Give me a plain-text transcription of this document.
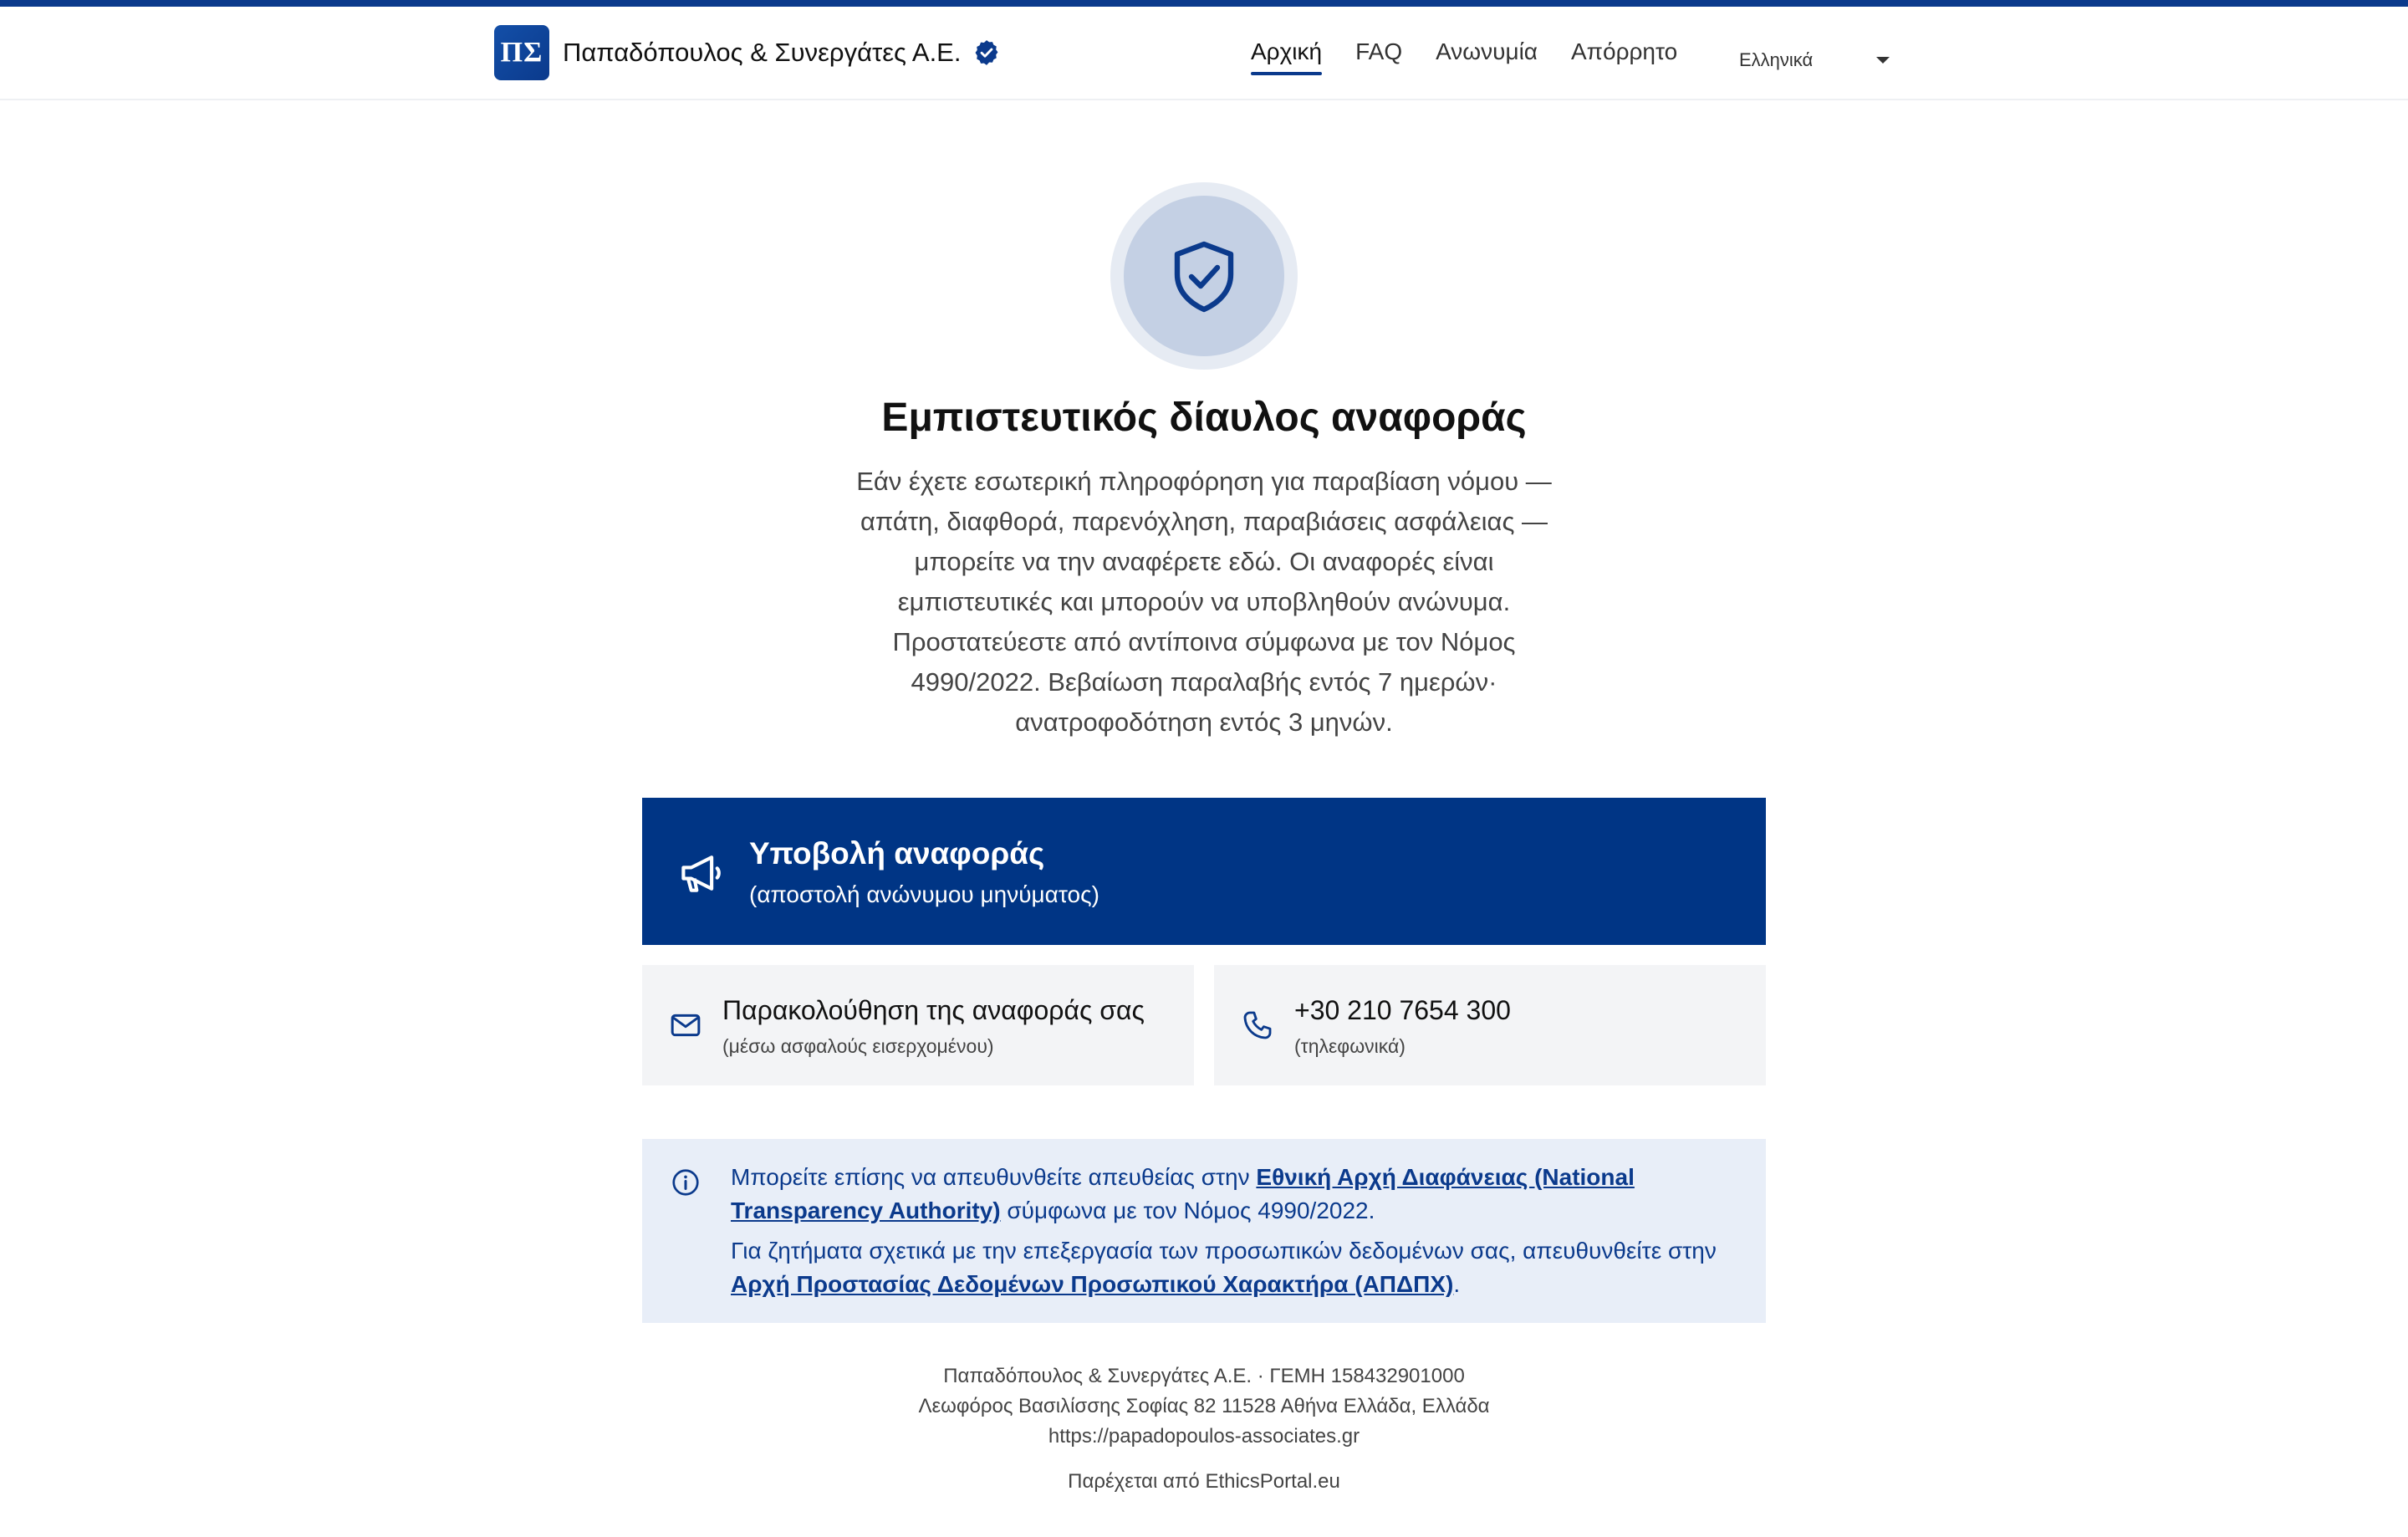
ΠΣ Παπαδόπουλος & Συνεργάτες Α.Ε.	Αρχική FAQ Ανωνυμία Απόρρητο	Ελληνικά
Εμπιστευτικός δίαυλος αναφοράς

Εάν έχετε εσωτερική πληροφόρηση για παραβίαση νόμου —

απάτη, διαφθορά, παρενόχληση, παραβιάσεις ασφάλειας —

μπορείτε να την αναφέρετε εδώ. Οι αναφορές είναι

εμπιστευτικές και μπορούν να υποβληθούν ανώνυμα.

Προστατεύεστε από αντίποινα σύμφωνα με τον Νόμος

4990/2022. Βεβαίωση παραλαβής εντός 7 ημερών·

ανατροφοδότηση εντός 3 μηνών.

Υποβολή αναφοράς
(αποστολή ανώνυμου μηνύματος)
Παρακολούθηση της αναφοράς σας
(μέσω ασφαλούς εισερχομένου)
+30 210 7654 300
(τηλεφωνικά)
Μπορείτε επίσης να απευθυνθείτε απευθείας στην Εθνική Αρχή Διαφάνειας (National
Transparency Authority) σύμφωνα με τον Νόμος 4990/2022.
Για ζητήματα σχετικά με την επεξεργασία των προσωπικών δεδομένων σας, απευθυνθείτε στην
Αρχή Προστασίας Δεδομένων Προσωπικού Χαρακτήρα (ΑΠΔΠΧ).
Παπαδόπουλος & Συνεργάτες Α.Ε. · ΓΕΜΗ 158432901000
Λεωφόρος Βασιλίσσης Σοφίας 82 11528 Αθήνα Ελλάδα, Ελλάδα
https://papadopoulos-associates.gr
Παρέχεται από EthicsPortal.eu
